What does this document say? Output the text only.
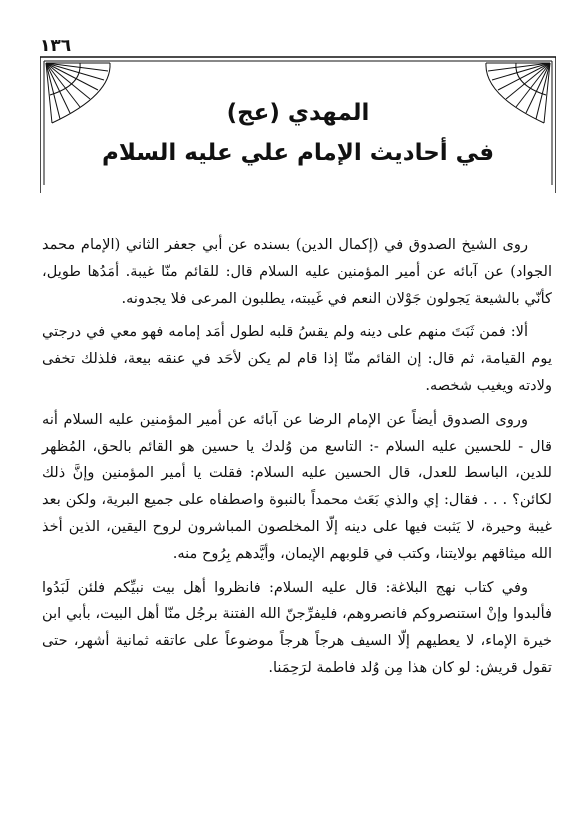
١٣٦
المهدي (عج)
في أحاديث الإمام علي عليه السلام

روى الشيخ الصدوق في (إكمال الدين) بسنده عن أبي جعفر الثاني (الإمام محمد الجواد) عن آبائه عن أمير المؤمنين عليه السلام قال: للقائم منّا غيبة. أمَدُها طويل، كأنّي بالشيعة يَجولون جَوْلان النعم في غَيبته، يطلبون المرعى فلا يجدونه.

ألا: فمن ثَبَتَ منهم على دينه ولم يقسُ قلبه لطول أمَد إمامه فهو معي في درجتي يوم القيامة، ثم قال: إن القائم منّا إذا قام لم يكن لأحَد في عنقه بيعة، فلذلك تخفى ولادته ويغيب شخصه.

وروى الصدوق أيضاً عن الإمام الرضا عن آبائه عن أمير المؤمنين عليه السلام أنه قال - للحسين عليه السلام -: التاسع من وُلدك يا حسين هو القائم بالحق، المُظهر للدين، الباسط للعدل، قال الحسين عليه السلام: فقلت يا أمير المؤمنين وإنَّ ذلك لكائن؟ . . . فقال: إي والذي بَعَث محمداً بالنبوة واصطفاه على جميع البرية، ولكن بعد غيبة وحيرة، لا يَثبت فيها على دينه إلّا المخلصون المباشرون لروح اليقين، الذين أخذ الله ميثاقهم بولايتنا، وكتب في قلوبهم الإيمان، وأيَّدهم بِرُوح منه.

وفي كتاب نهج البلاغة: قال عليه السلام: فانظروا أهل بيت نبيِّكم فلئن لَبَدُوا فألبدوا وإنْ استنصروكم فانصروهم، فليفرِّجنّ الله الفتنة برجُل منّا أهل البيت، بأبي ابن خيرة الإماء، لا يعطيهم إلّا السيف هرجاً هرجاً موضوعاً على عاتقه ثمانية أشهر، حتى تقول قريش: لو كان هذا مِن وُلد فاطمة لرَحِمَنا.
